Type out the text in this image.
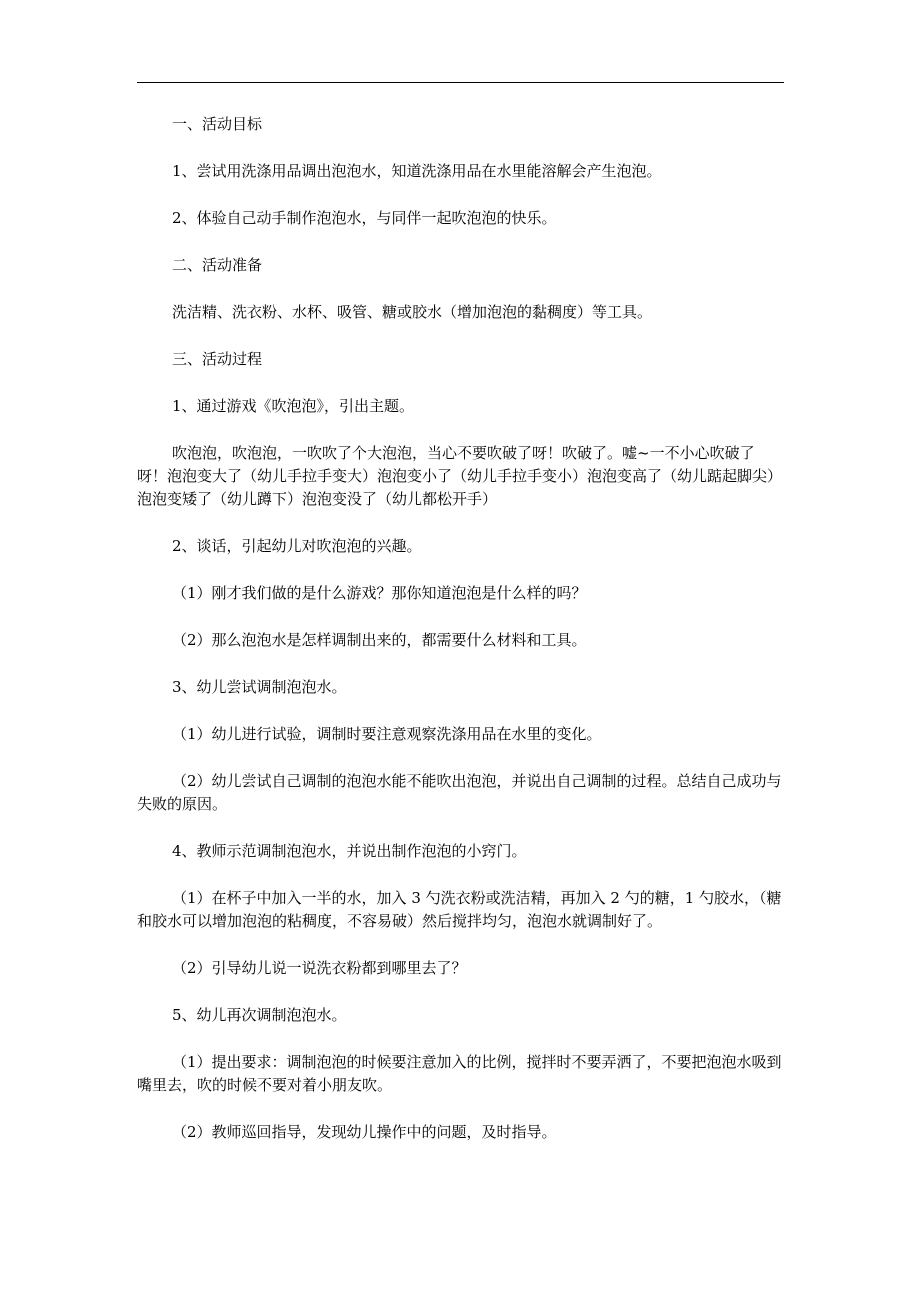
一、活动目标

1、尝试用洗涤用品调出泡泡水，知道洗涤用品在水里能溶解会产生泡泡。

2、体验自己动手制作泡泡水，与同伴一起吹泡泡的快乐。

二、活动准备

洗洁精、洗衣粉、水杯、吸管、糖或胶水（增加泡泡的黏稠度）等工具。

三、活动过程

1、通过游戏《吹泡泡》，引出主题。

吹泡泡，吹泡泡，一吹吹了个大泡泡，当心不要吹破了呀！吹破了。嘘~一不小心吹破了呀！泡泡变大了（幼儿手拉手变大）泡泡变小了（幼儿手拉手变小）泡泡变高了（幼儿踮起脚尖）泡泡变矮了（幼儿蹲下）泡泡变没了（幼儿都松开手）

2、谈话，引起幼儿对吹泡泡的兴趣。

（1）刚才我们做的是什么游戏？那你知道泡泡是什么样的吗？

（2）那么泡泡水是怎样调制出来的，都需要什么材料和工具。

3、幼儿尝试调制泡泡水。

（1）幼儿进行试验，调制时要注意观察洗涤用品在水里的变化。

（2）幼儿尝试自己调制的泡泡水能不能吹出泡泡，并说出自己调制的过程。总结自己成功与失败的原因。

4、教师示范调制泡泡水，并说出制作泡泡的小窍门。

（1）在杯子中加入一半的水，加入 3 勺洗衣粉或洗洁精，再加入 2 勺的糖，1 勺胶水，（糖和胶水可以增加泡泡的粘稠度，不容易破）然后搅拌均匀，泡泡水就调制好了。

（2）引导幼儿说一说洗衣粉都到哪里去了？

5、幼儿再次调制泡泡水。

（1）提出要求：调制泡泡的时候要注意加入的比例，搅拌时不要弄洒了，不要把泡泡水吸到嘴里去，吹的时候不要对着小朋友吹。

（2）教师巡回指导，发现幼儿操作中的问题，及时指导。
